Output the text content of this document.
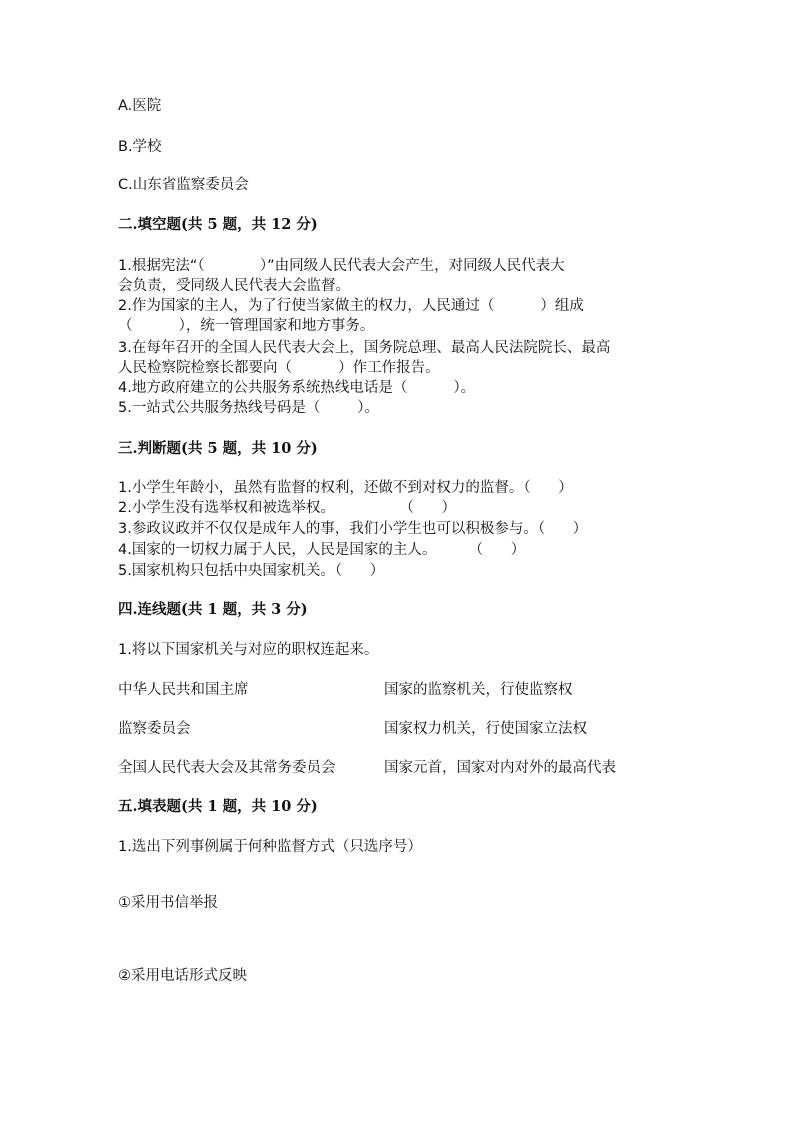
A.医院
B.学校
C.山东省监察委员会
二.填空题(共 5 题，共 12 分)
1.根据宪法“（            ）”由同级人民代表大会产生，对同级人民代表大
会负责，受同级人民代表大会监督。
2.作为国家的主人，为了行使当家做主的权力，人民通过（          ）组成
（          ），统一管理国家和地方事务。
3.在每年召开的全国人民代表大会上，国务院总理、最高人民法院院长、最高
人民检察院检察长都要向（          ）作工作报告。
4.地方政府建立的公共服务系统热线电话是（          ）。
5.一站式公共服务热线号码是（        ）。
三.判断题(共 5 题，共 10 分)
1.小学生年龄小，虽然有监督的权利，还做不到对权力的监督。（      ）
2.小学生没有选举权和被选举权。              （      ）
3.参政议政并不仅仅是成年人的事，我们小学生也可以积极参与。（      ）
4.国家的一切权力属于人民，人民是国家的主人。       （      ）
5.国家机构只包括中央国家机关。（      ）
四.连线题(共 1 题，共 3 分)
1.将以下国家机关与对应的职权连起来。
中华人民共和国主席	国家的监察机关，行使监察权
监察委员会	国家权力机关，行使国家立法权
全国人民代表大会及其常务委员会	国家元首，国家对内对外的最高代表
五.填表题(共 1 题，共 10 分)
1.选出下列事例属于何种监督方式（只选序号）
①采用书信举报
②采用电话形式反映
